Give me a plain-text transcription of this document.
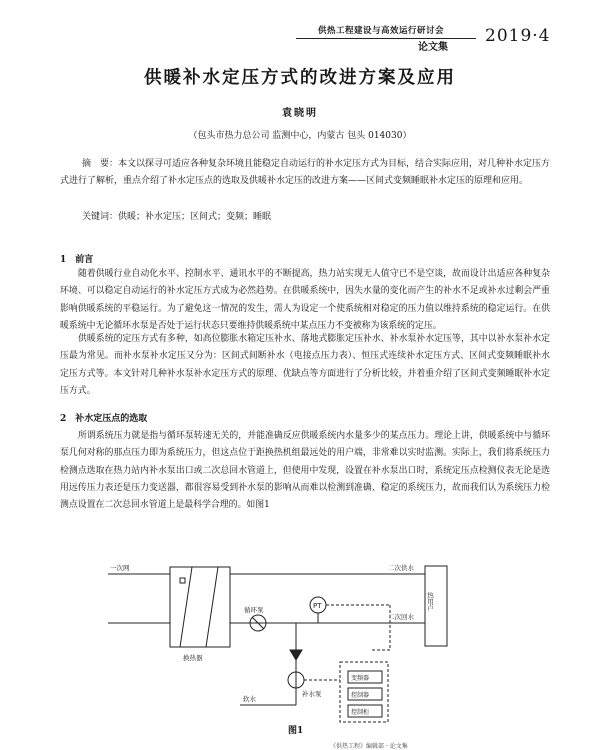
供热工程建设与高效运行研讨会
论文集
2019·4
供暖补水定压方式的改进方案及应用
袁晓明
（包头市热力总公司 监测中心，内蒙古 包头 014030）
摘　要：本文以探寻可适应各种复杂环境且能稳定自动运行的补水定压方式为目标，结合实际应用，对几种补水定压方式进行了解析，重点介绍了补水定压点的选取及供暖补水定压的改进方案——区间式变频睡眠补水定压的原理和应用。
关键词：供暖；补水定压；区间式；变频；睡眠
1　前言
随着供暖行业自动化水平、控制水平、通讯水平的不断提高，热力站实现无人值守已不是空谈，故而设计出适应各种复杂环境、可以稳定自动运行的补水定压方式成为必然趋势。在供暖系统中，因失水量的变化而产生的补水不足或补水过剩会严重影响供暖系统的平稳运行。为了避免这一情况的发生，需人为设定一个使系统相对稳定的压力值以维持系统的稳定运行。在供暖系统中无论循环水泵是否处于运行状态只要维持供暖系统中某点压力不变被称为该系统的定压。
供暖系统的定压方式有多种，如高位膨胀水箱定压补水、落地式膨胀定压补水、补水泵补水定压等，其中以补水泵补水定压最为常见。而补水泵补水定压又分为：区间式间断补水（电接点压力表）、恒压式连续补水定压方式、区间式变频睡眠补水定压方式等。本文针对几种补水泵补水定压方式的原理、优缺点等方面进行了分析比较，并着重介绍了区间式变频睡眠补水定压方式。
2　补水定压点的选取
所谓系统压力就是指与循环泵转速无关的，并能准确反应供暖系统内水量多少的某点压力。理论上讲，供暖系统中与循环泵几何对称的那点压力即为系统压力，但这点位于距换热机组最远处的用户端，非常难以实时监测。实际上，我们将系统压力检测点选取在热力站内补水泵出口或二次总回水管道上，但使用中发现，设置在补水泵出口时，系统定压点检测仪表无论是选用远传压力表还是压力变送器，都很容易受到补水泵的影响从而难以检测到准确、稳定的系统压力，故而我们认为系统压力检测点设置在二次总回水管道上是最科学合理的。如图1
一次网	二次供水
二次回水
热用户
换热器
循环泵	PT
软水
补水泵
变频器
控制器
控制柜
图1
《供热工程》编辑部 · 论文集
